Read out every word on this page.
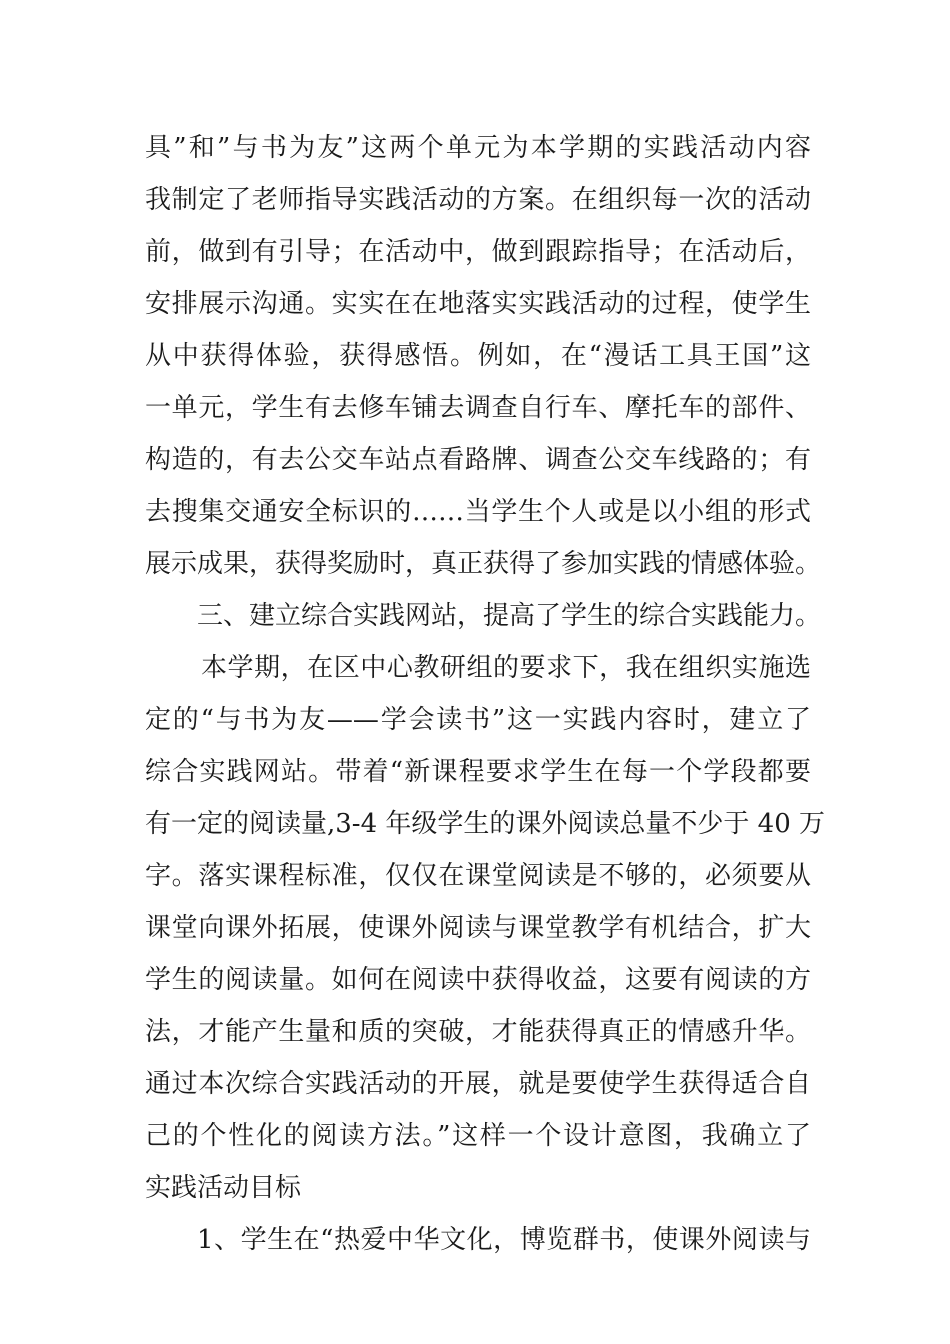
具”和”与书为友”这两个单元为本学期的实践活动内容
我制定了老师指导实践活动的方案。在组织每一次的活动
前，做到有引导；在活动中，做到跟踪指导；在活动后，
安排展示沟通。实实在在地落实实践活动的过程，使学生
从中获得体验，获得感悟。例如，在“漫话工具王国”这
一单元，学生有去修车铺去调查自行车、摩托车的部件、
构造的，有去公交车站点看路牌、调查公交车线路的；有
去搜集交通安全标识的……当学生个人或是以小组的形式
展示成果，获得奖励时，真正获得了参加实践的情感体验。
三、建立综合实践网站，提高了学生的综合实践能力。
本学期，在区中心教研组的要求下，我在组织实施选
定的“与书为友——学会读书”这一实践内容时，建立了
综合实践网站。带着“新课程要求学生在每一个学段都要
有一定的阅读量,3-4 年级学生的课外阅读总量不少于 40 万
字。落实课程标准，仅仅在课堂阅读是不够的，必须要从
课堂向课外拓展，使课外阅读与课堂教学有机结合，扩大
学生的阅读量。如何在阅读中获得收益，这要有阅读的方
法，才能产生量和质的突破，才能获得真正的情感升华。
通过本次综合实践活动的开展，就是要使学生获得适合自
己的个性化的阅读方法。”这样一个设计意图，我确立了
实践活动目标
1、学生在“热爱中华文化，博览群书，使课外阅读与
